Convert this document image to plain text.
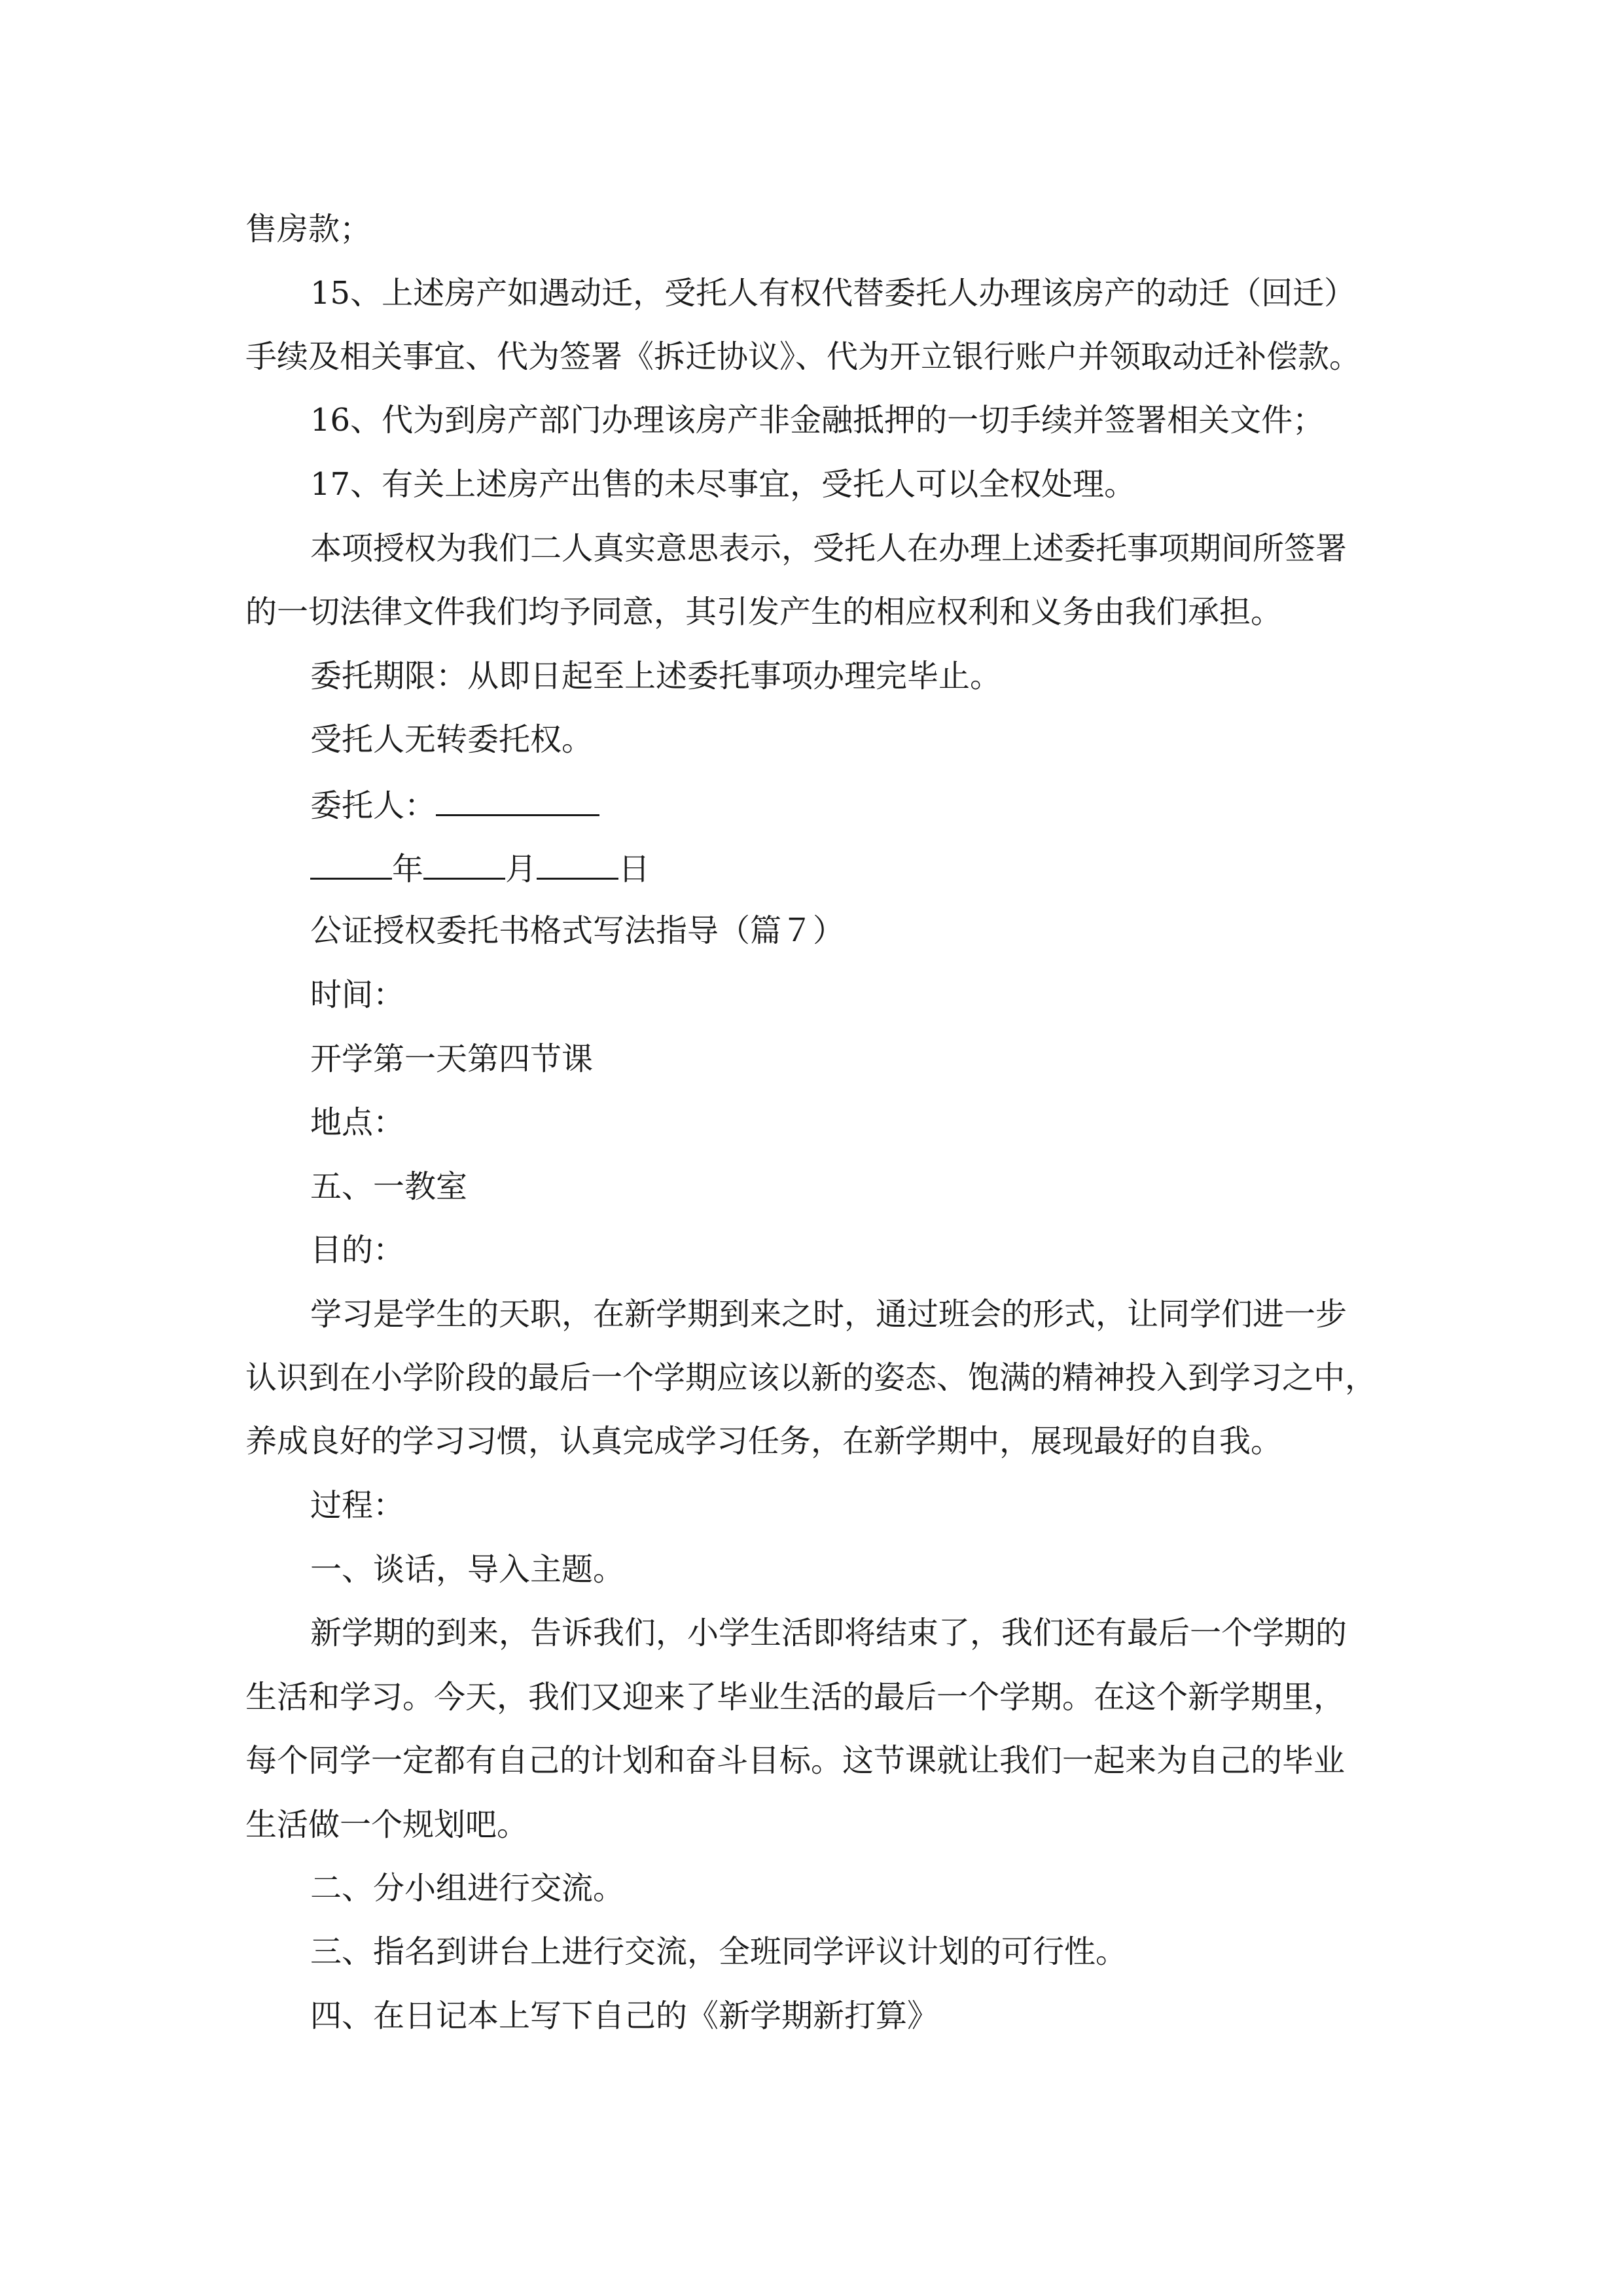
售房款；
15、上述房产如遇动迁，受托人有权代替委托人办理该房产的动迁（回迁）
手续及相关事宜、代为签署《拆迁协议》、代为开立银行账户并领取动迁补偿款。
16、代为到房产部门办理该房产非金融抵押的一切手续并签署相关文件；
17、有关上述房产出售的未尽事宜，受托人可以全权处理。
本项授权为我们二人真实意思表示，受托人在办理上述委托事项期间所签署
的一切法律文件我们均予同意，其引发产生的相应权利和义务由我们承担。
委托期限：从即日起至上述委托事项办理完毕止。
受托人无转委托权。
委托人：
年	月	日
公证授权委托书格式写法指导（篇７）
时间：
开学第一天第四节课
地点：
五、一教室
目的：
学习是学生的天职，在新学期到来之时，通过班会的形式，让同学们进一步
认识到在小学阶段的最后一个学期应该以新的姿态、饱满的精神投入到学习之中，
养成良好的学习习惯，认真完成学习任务，在新学期中，展现最好的自我。
过程：
一、谈话，导入主题。
新学期的到来，告诉我们，小学生活即将结束了，我们还有最后一个学期的
生活和学习。今天，我们又迎来了毕业生活的最后一个学期。在这个新学期里，
每个同学一定都有自己的计划和奋斗目标。这节课就让我们一起来为自己的毕业
生活做一个规划吧。
二、分小组进行交流。
三、指名到讲台上进行交流，全班同学评议计划的可行性。
四、在日记本上写下自己的《新学期新打算》
